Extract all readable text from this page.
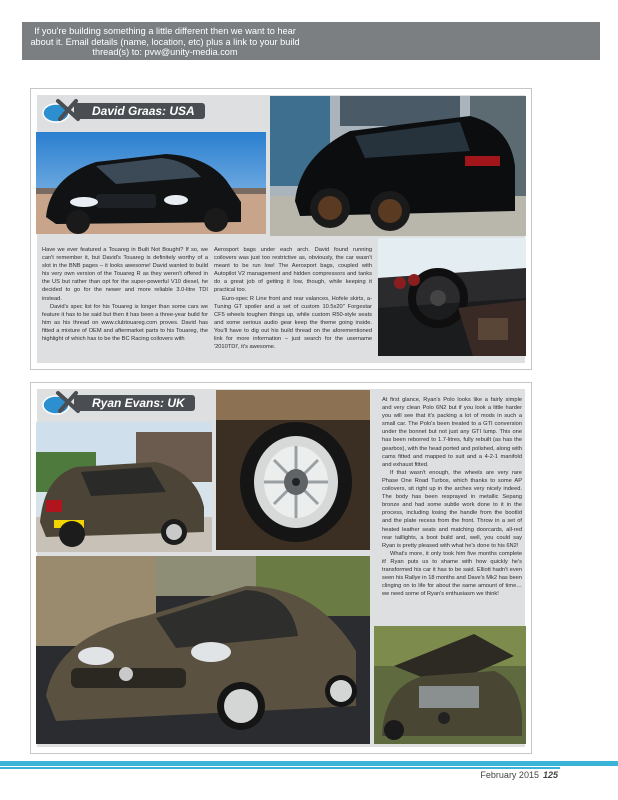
If you're building something a little different then we want to hear about it. Email details (name, location, etc) plus a link to your build thread(s) to: pvw@unity-media.com
David Graas: USA

Have we ever featured a Touareg in Built Not Bought? If so, we can't remember it, but David's Touareg is definitely worthy of a slot in the BNB pages – it looks awesome! David wanted to build his very own version of the Touareg R as they weren't offered in the US but rather than opt for the super-powerful V10 diesel, he decided to go for the newer and more reliable 3.0-litre TDI instead.

David's spec list for his Touareg is longer than some cars we feature it has to be said but then it has been a three-year build for him as his thread on www.clubtouareg.com proves. David has fitted a mixture of OEM and aftermarket parts to his Touareg, the highlight of which has to be the BC Racing coilovers with

Aerosport bags under each arch. David found running coilovers was just too restrictive as, obviously, the car wasn't meant to be run low! The Aerosport bags, coupled with Autopilot V2 management and hidden compressors and tanks do a great job of getting it low, though, while keeping it practical too.

Euro-spec R Line front and rear valances, Hofele skirts, a-Tuning GT spoiler and a set of custom 10.5x20" Forgestar CF5 wheels toughen things up, while custom R50-style seats and some serious audio gear keep the theme going inside. You'll have to dig out his build thread on the aforementioned link for more information – just search for the username '2010TDI', it's awesome.

Ryan Evans: UK	At first glance, Ryan's Polo looks like a fairly simple and very clean Polo 6N2 but if you look a little harder you will see that it's packing a lot of mods in such a small car. The Polo's been treated to a GTI conversion under the bonnet but not just any GTI lump. This one has been reborred to 1.7-litres, fully rebuilt (as has the gearbox), with the head ported and polished, along with cams fitted and mapped to suit and a 4-2-1 manifold and exhaust fitted.

If that wasn't enough, the wheels are very rare Phase One Road Turbos, which thanks to some AP coilovers, sit right up in the arches very nicely indeed. The body has been resprayed in metallic Sepang bronze and had some subtle work done to it in the process, including losing the handle from the bootlid and the plate recess from the front. Throw in a set of heated leather seats and matching doorcards, all-red rear taillights, a boot build and, well, you could say Ryan is pretty pleased with what he's done to his 6N2!

What's more, it only took him five months complete it! Ryan puts us to shame with how quickly he's transformed his car it has to be said. Elliott hadn't even seen his Rallye in 18 months and Dave's Mk2 has been clinging on to life for about the same amount of time… we need some of Ryan's enthusiasm we think!

February 2015 125
